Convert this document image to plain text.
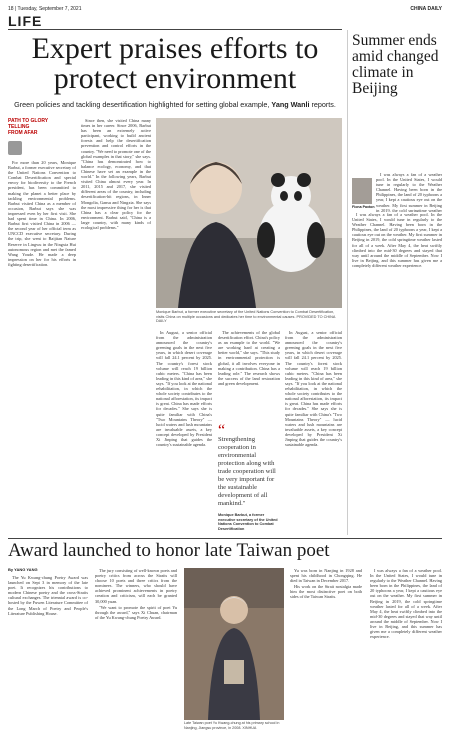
18 | Tuesday, September 7, 2021	CHINA DAILY
LIFE
Expert praises efforts to protect environment
Green policies and tackling desertification highlighted for setting global example, Yang Wanli reports.
PATH TO GLORY
TELLING
FROM AFAR

For more than 20 years, Monique Barbut, a former executive secretary of the United Nations Convention to Combat Desertification and special envoy for biodiversity to the French president, has been committed to making the planet a better place by tackling environmental problems. Barbut visited China as a member of occasion, Barbut says she was impressed even by her first visit. She had spent time in China. In 2006, Barbut first visited China in 2006 — the second year of her official term as UNCCD executive secretary. During the trip, she went to Baijitan Nature Reserve in Lingwu in the Ningxia Hui autonomous region and met the famed Wang Youde. He made a deep impression on her for his efforts in fighting desertification.

Since then, she visited China many times in her career. Since 2006, Barbut has been an extremely active participant, working to build ancient forests and help the desertification prevention and control efforts in the country. "We need to promote one of the global examples in that story," she says. "China has demonstrated how to balance ecology, economy, and that Chinese have set an example in the world." In the following years, Barbut visited China almost every year. In 2011, 2015 and 2017, she visited different areas of the country, including desertification-hit regions, in Inner Mongolia, Gansu and Ningxia. She says the most impressive thing for her is that China has a clear policy for the environment. Barbut said, "China is a large country, with many kinds of ecological problems."

Monique Barbut, a former executive secretary of the United Nations Convention to Combat Desertification, visits China on multiple occasions and dedicates her time to environmental causes. PROVIDED TO CHINA DAILY

In August, a senior official from the administration announced the country's greening goals in the next five years, in which desert coverage will fall 24.1 percent by 2025. The country's forest stock volume will reach 19 billion cubic meters. "China has been leading in this kind of area," she says. "If you look at the national rehabilitation, in which the whole society contributes to the national afforestation, its impact is great. China has made efforts for decades." She says she is quite familiar with China's "Two Mountains Theory" — lucid waters and lush mountains are invaluable assets, a key concept developed by President Xi Jinping that guides the country's sustainable agenda.

The achievements of the global desertification effort. China's policy as an example to the world. "We are working hard at creating a better world," she says. "This study in environmental protection is global, it all involves everyone in making a contribution. China has a leading role." The research shows the success of the land restoration and green development.

“
Strengthening cooperation in environmental protection along with trade cooperation will be very important for the sustainable development of all mankind."
Monique Barbut, a former executive secretary of the United Nations Convention to Combat Desertification

In August, a senior official from the administration announced the country's greening goals in the next five years, in which desert coverage will fall 24.1 percent by 2025. The country's forest stock volume will reach 19 billion cubic meters. "China has been leading in this kind of area," she says. "If you look at the national rehabilitation, in which the whole society contributes to the national afforestation, its impact is great. China has made efforts for decades." She says she is quite familiar with China's "Two Mountains Theory" — lucid waters and lush mountains are invaluable assets, a key concept developed by President Xi Jinping that guides the country's sustainable agenda.

Summer ends amid changed climate in Beijing

I was always a fan of a weather pool. In the United States, I would tune in regularly to the Weather Channel. Having been born in the Philippines, the land of 20 typhoons a year, I kept a cautious eye out on the weather. My first summer in Beijing in 2019, the cold springtime weather

Fiona Paxton

I was always a fan of a weather pool. In the United States, I would tune in regularly to the Weather Channel. Having been born in the Philippines, the land of 20 typhoons a year, I kept a cautious eye out on the weather. My first summer in Beijing in 2019, the cold springtime weather lasted for all of a week. After May 4, the heat swiftly climbed into the mid-30 degrees and stayed that way until around the middle of September. Now I live in Beijing, and this summer has given me a completely different weather experience.

Award launched to honor late Taiwan poet
By YANG YANG

The Yu Kwang-chung Poetry Award was launched on Sept 3 in memory of the late poet. It recognizes his contributions to modern Chinese poetry and the cross-Straits cultural exchanges. The triennial award is co-hosted by the Fuwen Literature Committee of the Long March of Poetry and People's Literature Publishing House.

The jury consisting of well-known poets and poetry critics from across the Straits will choose 10 poets and three critics from the nominees. The winners, who should have achieved prominent achievements in poetry creation and criticism, will each be granted 30,000 yuan.

"We want to promote the spirit of poet Yu through the award," says Xi Chuan, chairman of the Yu Kwang-chung Poetry Award.

Late Taiwan poet Yu Kwang-chung at his primary school in Nanjing, Jiangsu province, in 2008. XINHUA

Yu was born in Nanjing in 1928 and spent his childhood in Chongqing. He died in Taiwan in December 2017.

His work on the Strait nostalgia made him the most distinctive poet on both sides of the Taiwan Straits.

I was always a fan of a weather pool. In the United States, I would tune in regularly to the Weather Channel. Having been born in the Philippines, the land of 20 typhoons a year, I kept a cautious eye out on the weather. My first summer in Beijing in 2019, the cold springtime weather lasted for all of a week. After May 4, the heat swiftly climbed into the mid-30 degrees and stayed that way until around the middle of September. Now I live in Beijing, and this summer has given me a completely different weather experience.
